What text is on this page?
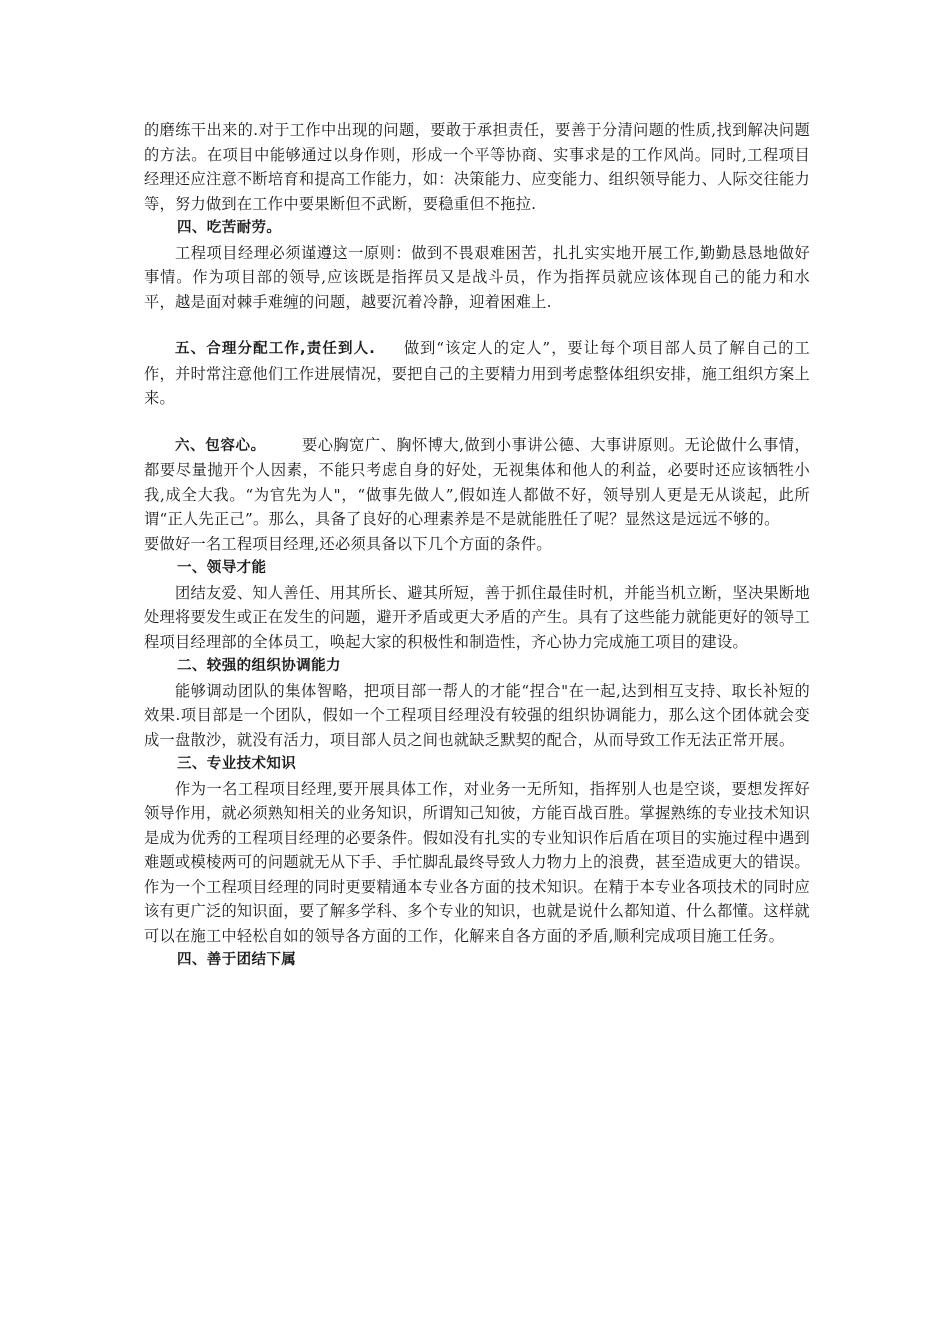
的磨练干出来的.对于工作中出现的问题，要敢于承担责任，要善于分清问题的性质,找到解决问题的方法。在项目中能够通过以身作则，形成一个平等协商、实事求是的工作风尚。同时,工程项目经理还应注意不断培育和提高工作能力，如：决策能力、应变能力、组织领导能力、人际交往能力等，努力做到在工作中要果断但不武断，要稳重但不拖拉.

四、吃苦耐劳。

工程项目经理必须谨遵这一原则：做到不畏艰难困苦，扎扎实实地开展工作,勤勤恳恳地做好事情。作为项目部的领导,应该既是指挥员又是战斗员，作为指挥员就应该体现自己的能力和水平，越是面对棘手难缠的问题，越要沉着冷静，迎着困难上.

五、合理分配工作,责任到人. 做到“该定人的定人”，要让每个项目部人员了解自己的工作，并时常注意他们工作进展情况，要把自己的主要精力用到考虑整体组织安排，施工组织方案上来。

六、包容心。 要心胸宽广、胸怀博大,做到小事讲公德、大事讲原则。无论做什么事情，都要尽量抛开个人因素，不能只考虑自身的好处，无视集体和他人的利益，必要时还应该牺牲小我,成全大我。“为官先为人"，“做事先做人”,假如连人都做不好，领导别人更是无从谈起，此所谓“正人先正己”。那么，具备了良好的心理素养是不是就能胜任了呢？显然这是远远不够的。

要做好一名工程项目经理,还必须具备以下几个方面的条件。

一、领导才能

团结友爱、知人善任、用其所长、避其所短，善于抓住最佳时机，并能当机立断，坚决果断地处理将要发生或正在发生的问题，避开矛盾或更大矛盾的产生。具有了这些能力就能更好的领导工程项目经理部的全体员工，唤起大家的积极性和制造性，齐心协力完成施工项目的建设。

二、较强的组织协调能力

能够调动团队的集体智略，把项目部一帮人的才能“捏合"在一起,达到相互支持、取长补短的效果.项目部是一个团队，假如一个工程项目经理没有较强的组织协调能力，那么这个团体就会变成一盘散沙，就没有活力，项目部人员之间也就缺乏默契的配合，从而导致工作无法正常开展。

三、专业技术知识

作为一名工程项目经理,要开展具体工作，对业务一无所知，指挥别人也是空谈，要想发挥好领导作用，就必须熟知相关的业务知识，所谓知己知彼，方能百战百胜。掌握熟练的专业技术知识是成为优秀的工程项目经理的必要条件。假如没有扎实的专业知识作后盾在项目的实施过程中遇到难题或模棱两可的问题就无从下手、手忙脚乱最终导致人力物力上的浪费，甚至造成更大的错误。作为一个工程项目经理的同时更要精通本专业各方面的技术知识。在精于本专业各项技术的同时应该有更广泛的知识面，要了解多学科、多个专业的知识，也就是说什么都知道、什么都懂。这样就可以在施工中轻松自如的领导各方面的工作，化解来自各方面的矛盾,顺利完成项目施工任务。

四、善于团结下属
